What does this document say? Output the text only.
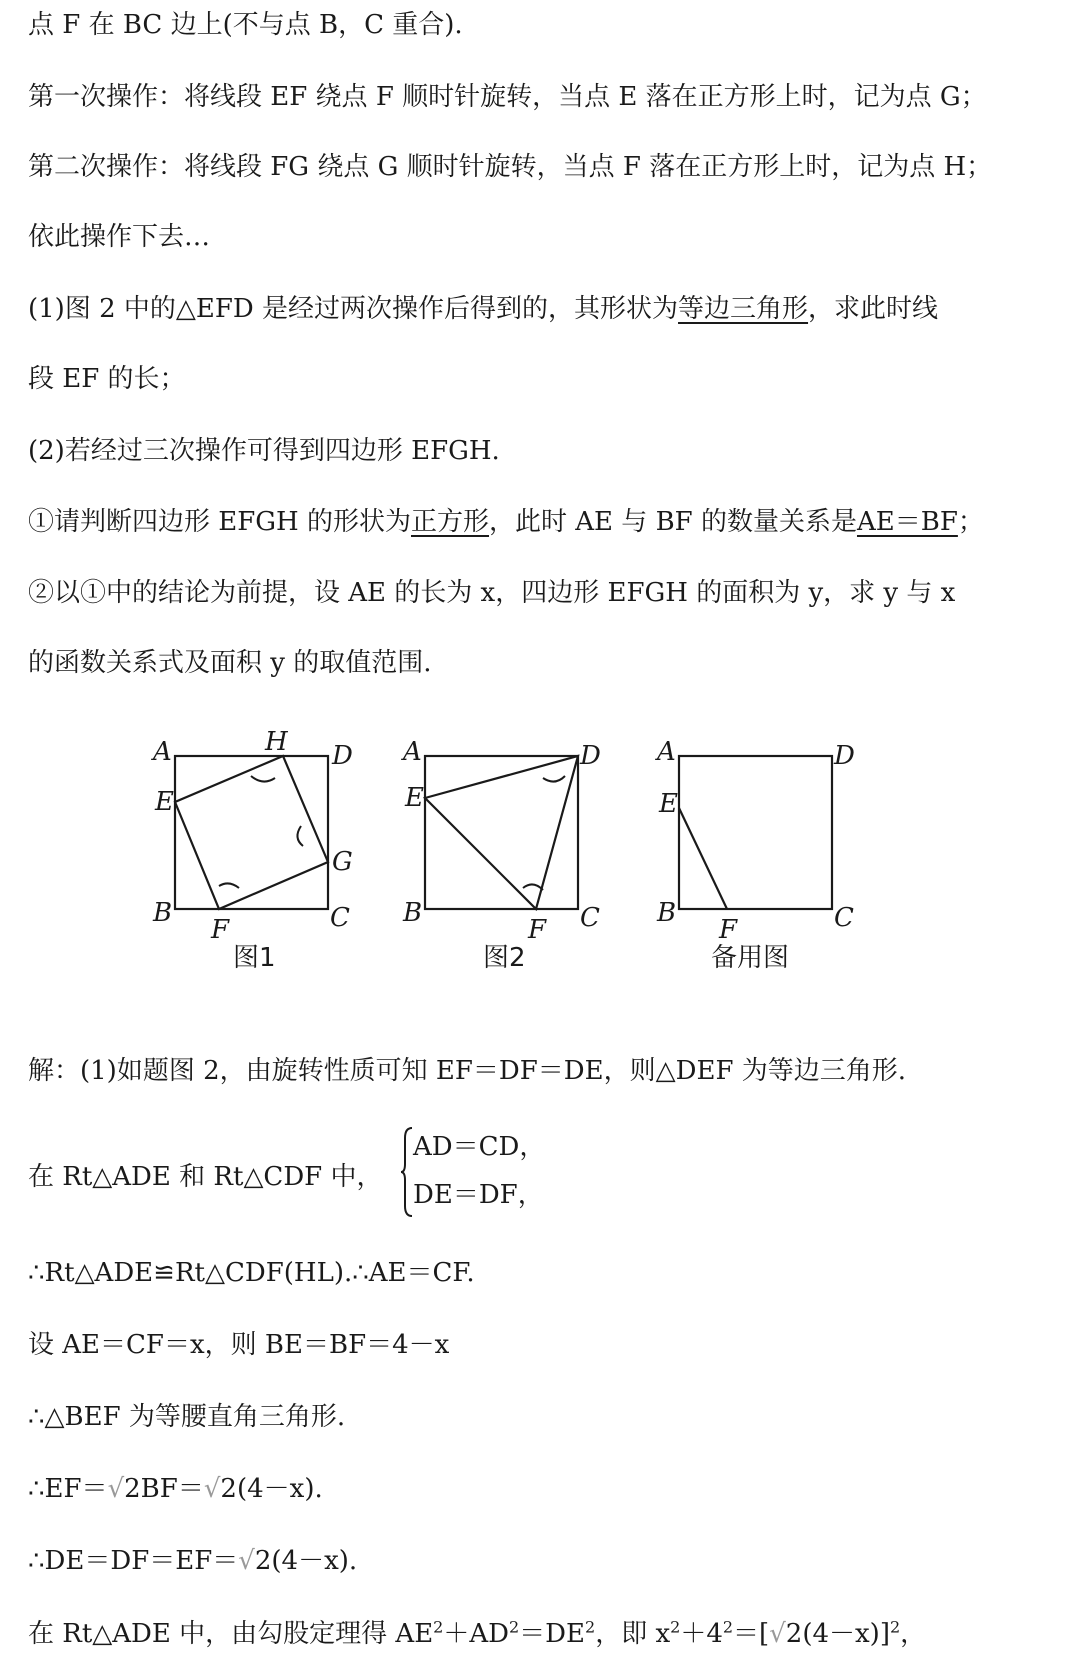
点 F 在 BC 边上(不与点 B，C 重合).
第一次操作：将线段 EF 绕点 F 顺时针旋转，当点 E 落在正方形上时，记为点 G；
第二次操作：将线段 FG 绕点 G 顺时针旋转，当点 F 落在正方形上时，记为点 H；
依此操作下去…
(1)图 2 中的△EFD 是经过两次操作后得到的，其形状为等边三角形，求此时线
段 EF 的长；
(2)若经过三次操作可得到四边形 EFGH.
①请判断四边形 EFGH 的形状为正方形，此时 AE 与 BF 的数量关系是AE＝BF；
②以①中的结论为前提，设 AE 的长为 x，四边形 EFGH 的面积为 y，求 y 与 x
的函数关系式及面积 y 的取值范围.
A	H D
E
G
B
F	C
图1
A	D
E
B
F C
图2
A	D
E
B
F	C
备用图
解：(1)如题图 2，由旋转性质可知 EF＝DF＝DE，则△DEF 为等边三角形.
在 Rt△ADE 和 Rt△CDF 中，
AD＝CD，
DE＝DF，
∴Rt△ADE≌Rt△CDF(HL).∴AE＝CF.
设 AE＝CF＝x，则 BE＝BF＝4－x
∴△BEF 为等腰直角三角形.
∴EF＝√2BF＝√2(4－x).
∴DE＝DF＝EF＝√2(4－x).
在 Rt△ADE 中，由勾股定理得 $AE^2+AD^2=DE^2$，即 $x^2+4^2=[√2(4-x)]^2$，
